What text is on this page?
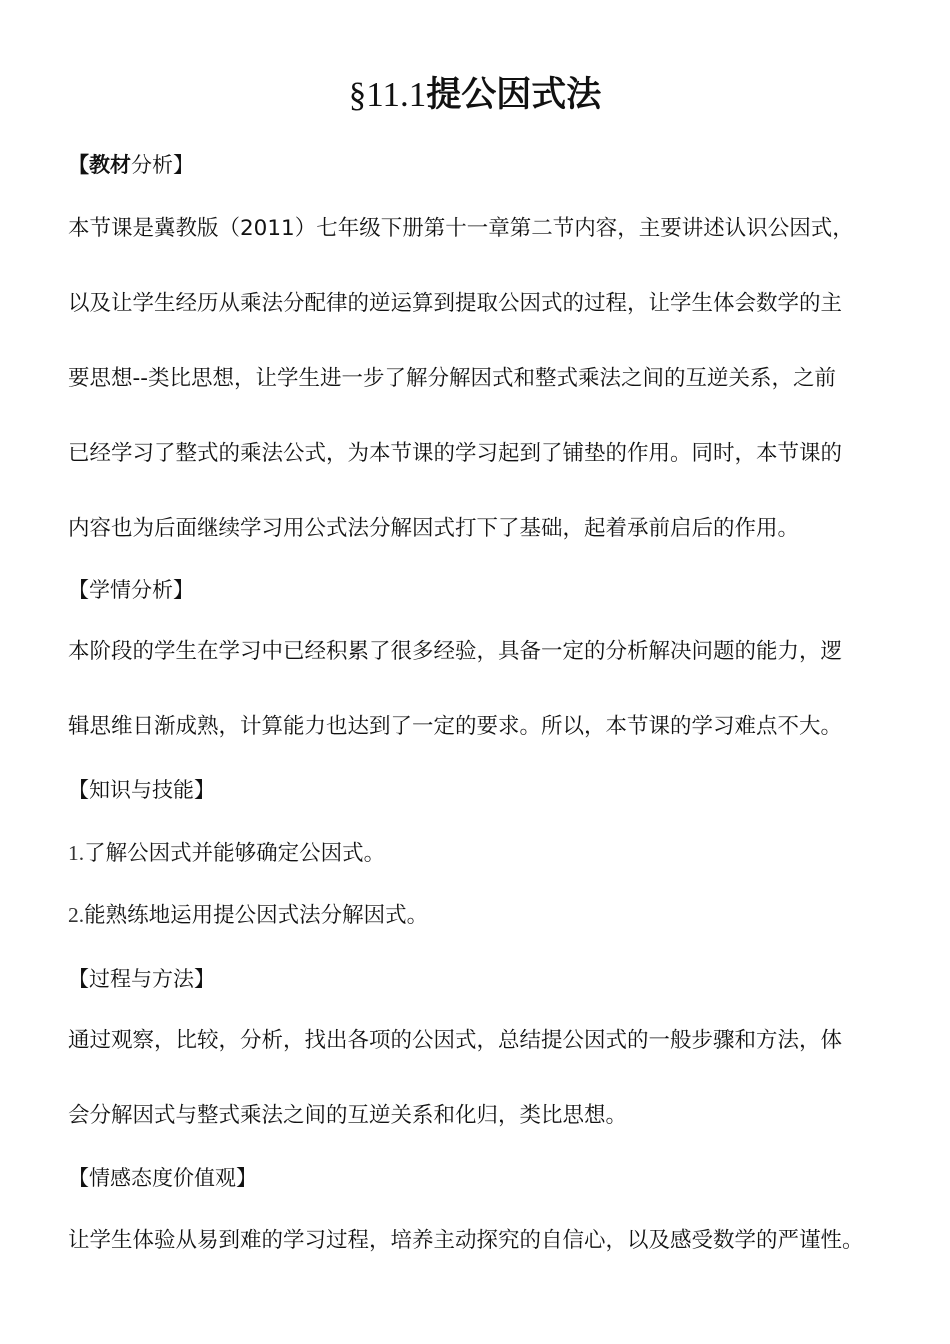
§11.1提公因式法
【教材分析】
本节课是冀教版（2011）七年级下册第十一章第二节内容，主要讲述认识公因式，
以及让学生经历从乘法分配律的逆运算到提取公因式的过程，让学生体会数学的主
要思想--类比思想，让学生进一步了解分解因式和整式乘法之间的互逆关系，之前
已经学习了整式的乘法公式，为本节课的学习起到了铺垫的作用。同时，本节课的
内容也为后面继续学习用公式法分解因式打下了基础，起着承前启后的作用。
【学情分析】
本阶段的学生在学习中已经积累了很多经验，具备一定的分析解决问题的能力，逻
辑思维日渐成熟，计算能力也达到了一定的要求。所以，本节课的学习难点不大。
【知识与技能】
1.了解公因式并能够确定公因式。
2.能熟练地运用提公因式法分解因式。
【过程与方法】
通过观察，比较，分析，找出各项的公因式，总结提公因式的一般步骤和方法，体
会分解因式与整式乘法之间的互逆关系和化归，类比思想。
【情感态度价值观】
让学生体验从易到难的学习过程，培养主动探究的自信心，以及感受数学的严谨性。
